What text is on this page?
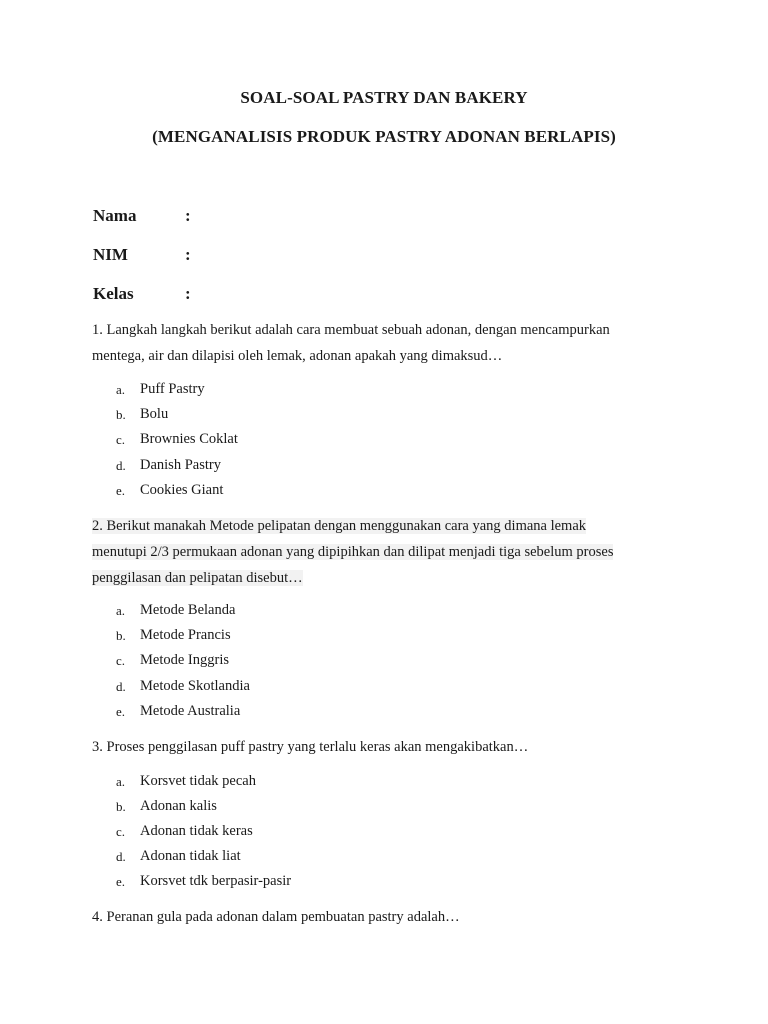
SOAL-SOAL PASTRY DAN BAKERY
(MENGANALISIS PRODUK PASTRY ADONAN BERLAPIS)
Nama	:
NIM	:
Kelas	:
1. Langkah langkah berikut adalah cara membuat sebuah adonan, dengan mencampurkan
mentega, air dan dilapisi oleh lemak, adonan apakah yang dimaksud…
a. Puff Pastry
b. Bolu
c. Brownies Coklat
d. Danish Pastry
e. Cookies Giant
2. Berikut manakah Metode pelipatan dengan menggunakan cara yang dimana lemak
menutupi 2/3 permukaan adonan yang dipipihkan dan dilipat menjadi tiga sebelum proses
penggilasan dan pelipatan disebut…
a. Metode Belanda
b. Metode Prancis
c. Metode Inggris
d. Metode Skotlandia
e. Metode Australia
3. Proses penggilasan puff pastry yang terlalu keras akan mengakibatkan…
a. Korsvet tidak pecah
b. Adonan kalis
c. Adonan tidak keras
d. Adonan tidak liat
e. Korsvet tdk berpasir-pasir
4. Peranan gula pada adonan dalam pembuatan pastry adalah…
